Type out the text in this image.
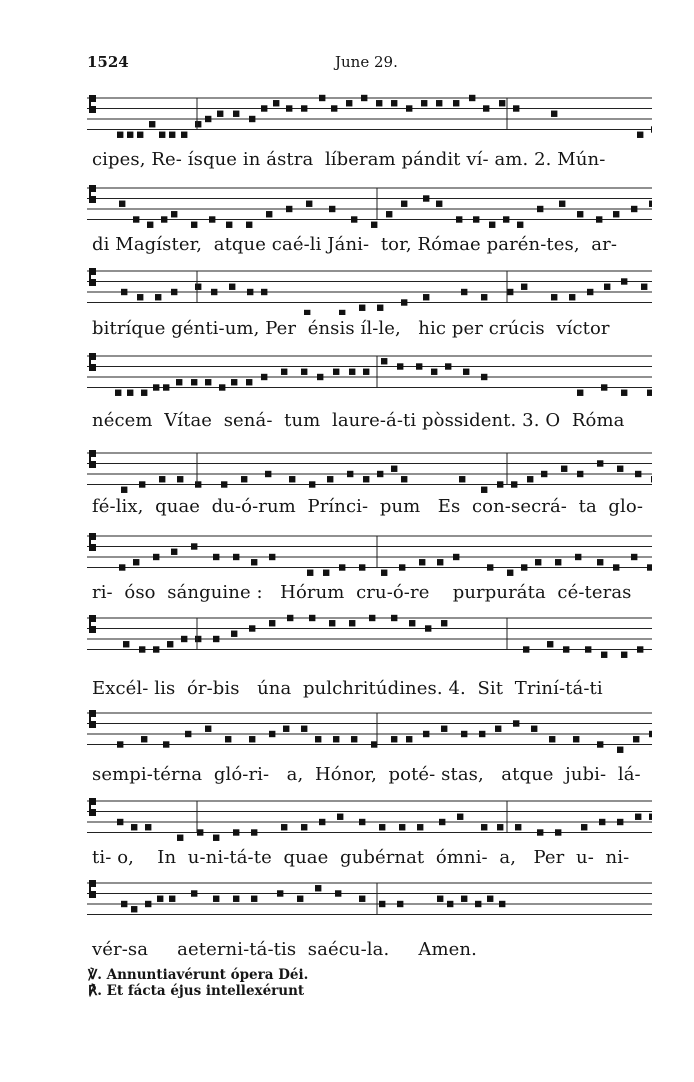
1524	June 29.
cipes, Re- ísque in ástra  líberam pándit ví- am. 2. Mún-
di Magíster,  atque caé-li Jáni-  tor, Rómae parén-tes,  ar-
bitríque génti-um, Per  énsis íl-le,   hic per crúcis  víctor
nécem  Vítae  sená-  tum  laure-á-ti pòssident. 3. O  Róma
fé-lix,  quae  du-ó-rum  Prínci-  pum   Es  con-secrá-  ta  glo-
ri-  óso  sánguine :   Hórum  cru-ó-re    purpuráta  cé-teras
Excél- lis  ór-bis   úna  pulchritúdines. 4.  Sit  Triní-tá-ti
sempi-térna  gló-ri-   a,  Hónor,  poté- stas,   atque  jubi-  lá-
ti- o,    In  u-ni-tá-te  quae  gubérnat  ómni-  a,   Per  u-  ni-
vér-sa     aeterni-tá-tis  saécu-la.     Amen.
℣. Annuntiavérunt ópera Déi.
℟. Et fácta éjus intellexérunt
